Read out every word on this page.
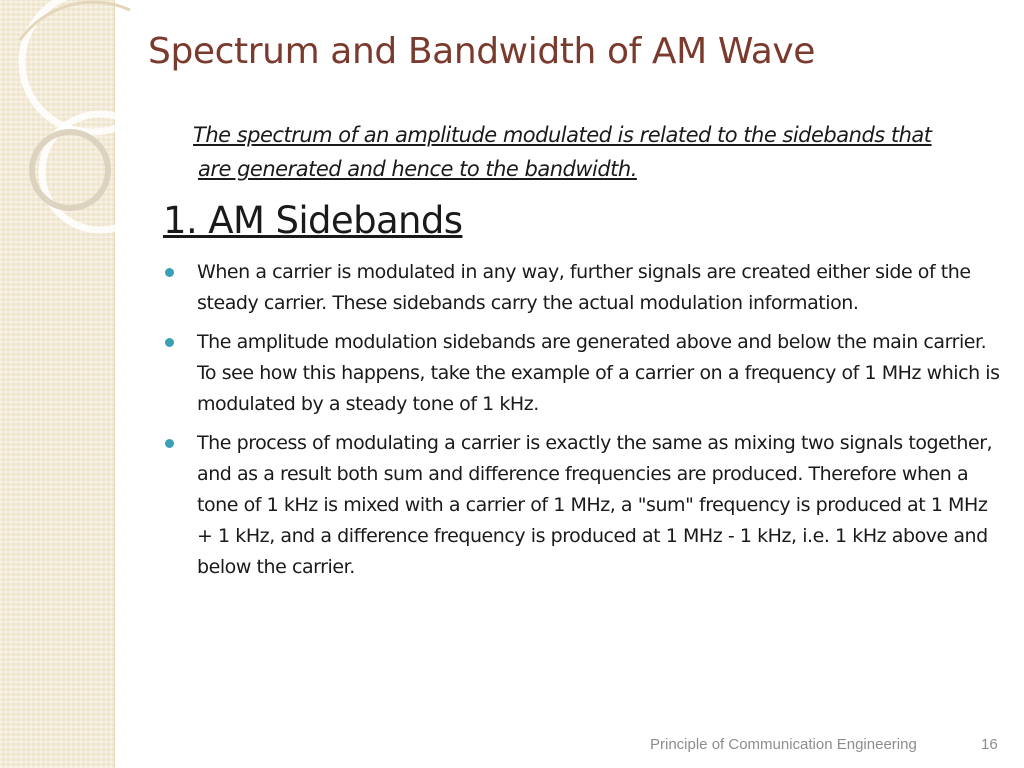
Spectrum and Bandwidth of AM Wave
The spectrum of an amplitude modulated is related to the sidebands that
are generated and hence to the bandwidth.
1. AM Sidebands
When a carrier is modulated in any way, further signals are created either side of the steady carrier. These sidebands carry the actual modulation information.
The amplitude modulation sidebands are generated above and below the main carrier. To see how this happens, take the example of a carrier on a frequency of 1 MHz which is modulated by a steady tone of 1 kHz.
The process of modulating a carrier is exactly the same as mixing two signals together, and as a result both sum and difference frequencies are produced. Therefore when a tone of 1 kHz is mixed with a carrier of 1 MHz, a "sum" frequency is produced at 1 MHz + 1 kHz, and a difference frequency is produced at 1 MHz - 1 kHz, i.e. 1 kHz above and below the carrier.
Principle of Communication Engineering	16
